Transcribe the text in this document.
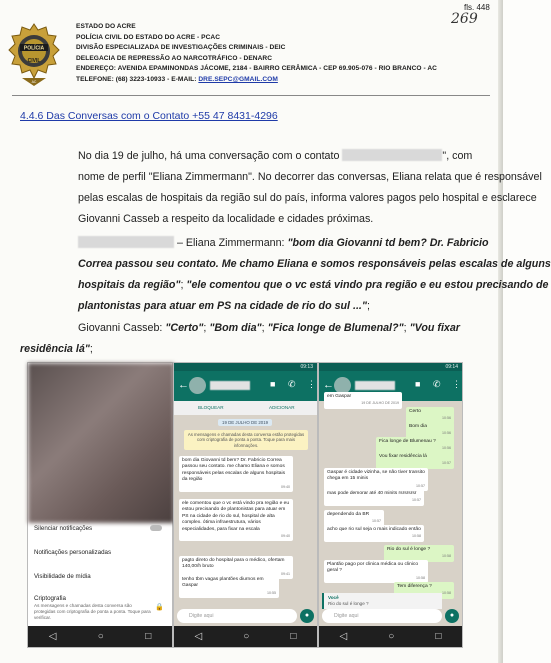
POLÍCIA
CIVIL
AC
ESTADO DO ACRE
POLÍCIA CIVIL DO ESTADO DO ACRE - PCAC
DIVISÃO ESPECIALIZADA DE INVESTIGAÇÕES CRIMINAIS - DEIC
DELEGACIA DE REPRESSÃO AO NARCOTRÁFICO - DENARC
ENDEREÇO: AVENIDA EPAMINONDAS JÁCOME, 2184 - BAIRRO CERÂMICA - CEP 69.905-076 - RIO BRANCO - AC
TELEFONE: (68) 3223-10933 - E-MAIL: DRE.SEPC@GMAIL.COM
fls. 448
269
4.4.6 Das Conversas com o Contato +55 47 8431-4296
No dia 19 de julho, há uma conversação com o contato	", com
nome de perfil "Eliana Zimmermann". No decorrer das conversas, Eliana relata que é responsável
pelas escalas de hospitais da região sul do país, informa valores pagos pelo hospital e esclarece
Giovanni Casseb a respeito da localidade e cidades próximas.
– Eliana Zimmermann: "bom dia Giovanni td bem? Dr. Fabricio
Correa passou seu contato. Me chamo Eliana e somos responsáveis pelas escalas de alguns
hospitais da região"; "ele comentou que o vc está vindo pra região e eu estou precisando de
plantonistas para atuar em PS na cidade de rio do sul ...";
Giovanni Casseb: "Certo"; "Bom dia"; "Fica longe de Blumenal?"; "Vou fixar
residência lá";
Silenciar notificações
Notificações personalizadas
Visibilidade de mídia
Criptografia
As mensagens e chamadas desta conversa são protegidas com criptografia de ponta a ponta. Toque para verificar.
🔒
◁	○	□
09:13
←	■ ✆ ⋮
BLOQUEAR	ADICIONAR
19 DE JULHO DE 2019
As mensagens e chamadas desta conversa estão protegidas com criptografia de ponta a ponta. Toque para mais informações.
bom dia Giovanni td bem? Dr. Fabricio Correa passou seu contato. me chamo Eliana e somos responsáveis pelas escalas de alguns hospitais da região
09:40
ele comentou que o vc está vindo pra região e eu estou precisando de plantonistas para atuar em PS na cidade de rio do sul, hospital de alta complex. ótima infraestrutura, vários especialidades, para fixar na escala
09:40
pagto direto do hospital para o médico, ofertam 140,00/h bruto
09:41
tenho tbm vagas plantões diurnos em Gaspar
10:55
Digite aqui	●
◁	○	□
09:14
←	■ ✆ ⋮
em Gaspar
19 DE JULHO DE 2019
Certo
10:56
Bom dia
10:56
Fica longe de Blumenau ?
10:56
Vou fixar residência lá
10:57
Gaspar é cidade vizinha, se não tiver transito chega em 15 minis
10:57
mas pode demorar até 40 minits rsrsrsrsr
10:57
dependendo da BR
10:57
acho que rio sul seja o mais indicado então
10:58
Rio do sul é longe ?
10:58
Plantão pago por clinica médica ou clinico geral ?
10:58
Tem diferença ?
10:58
Você
Rio do sul é longe ?
Digite aqui	●
◁	○	□
